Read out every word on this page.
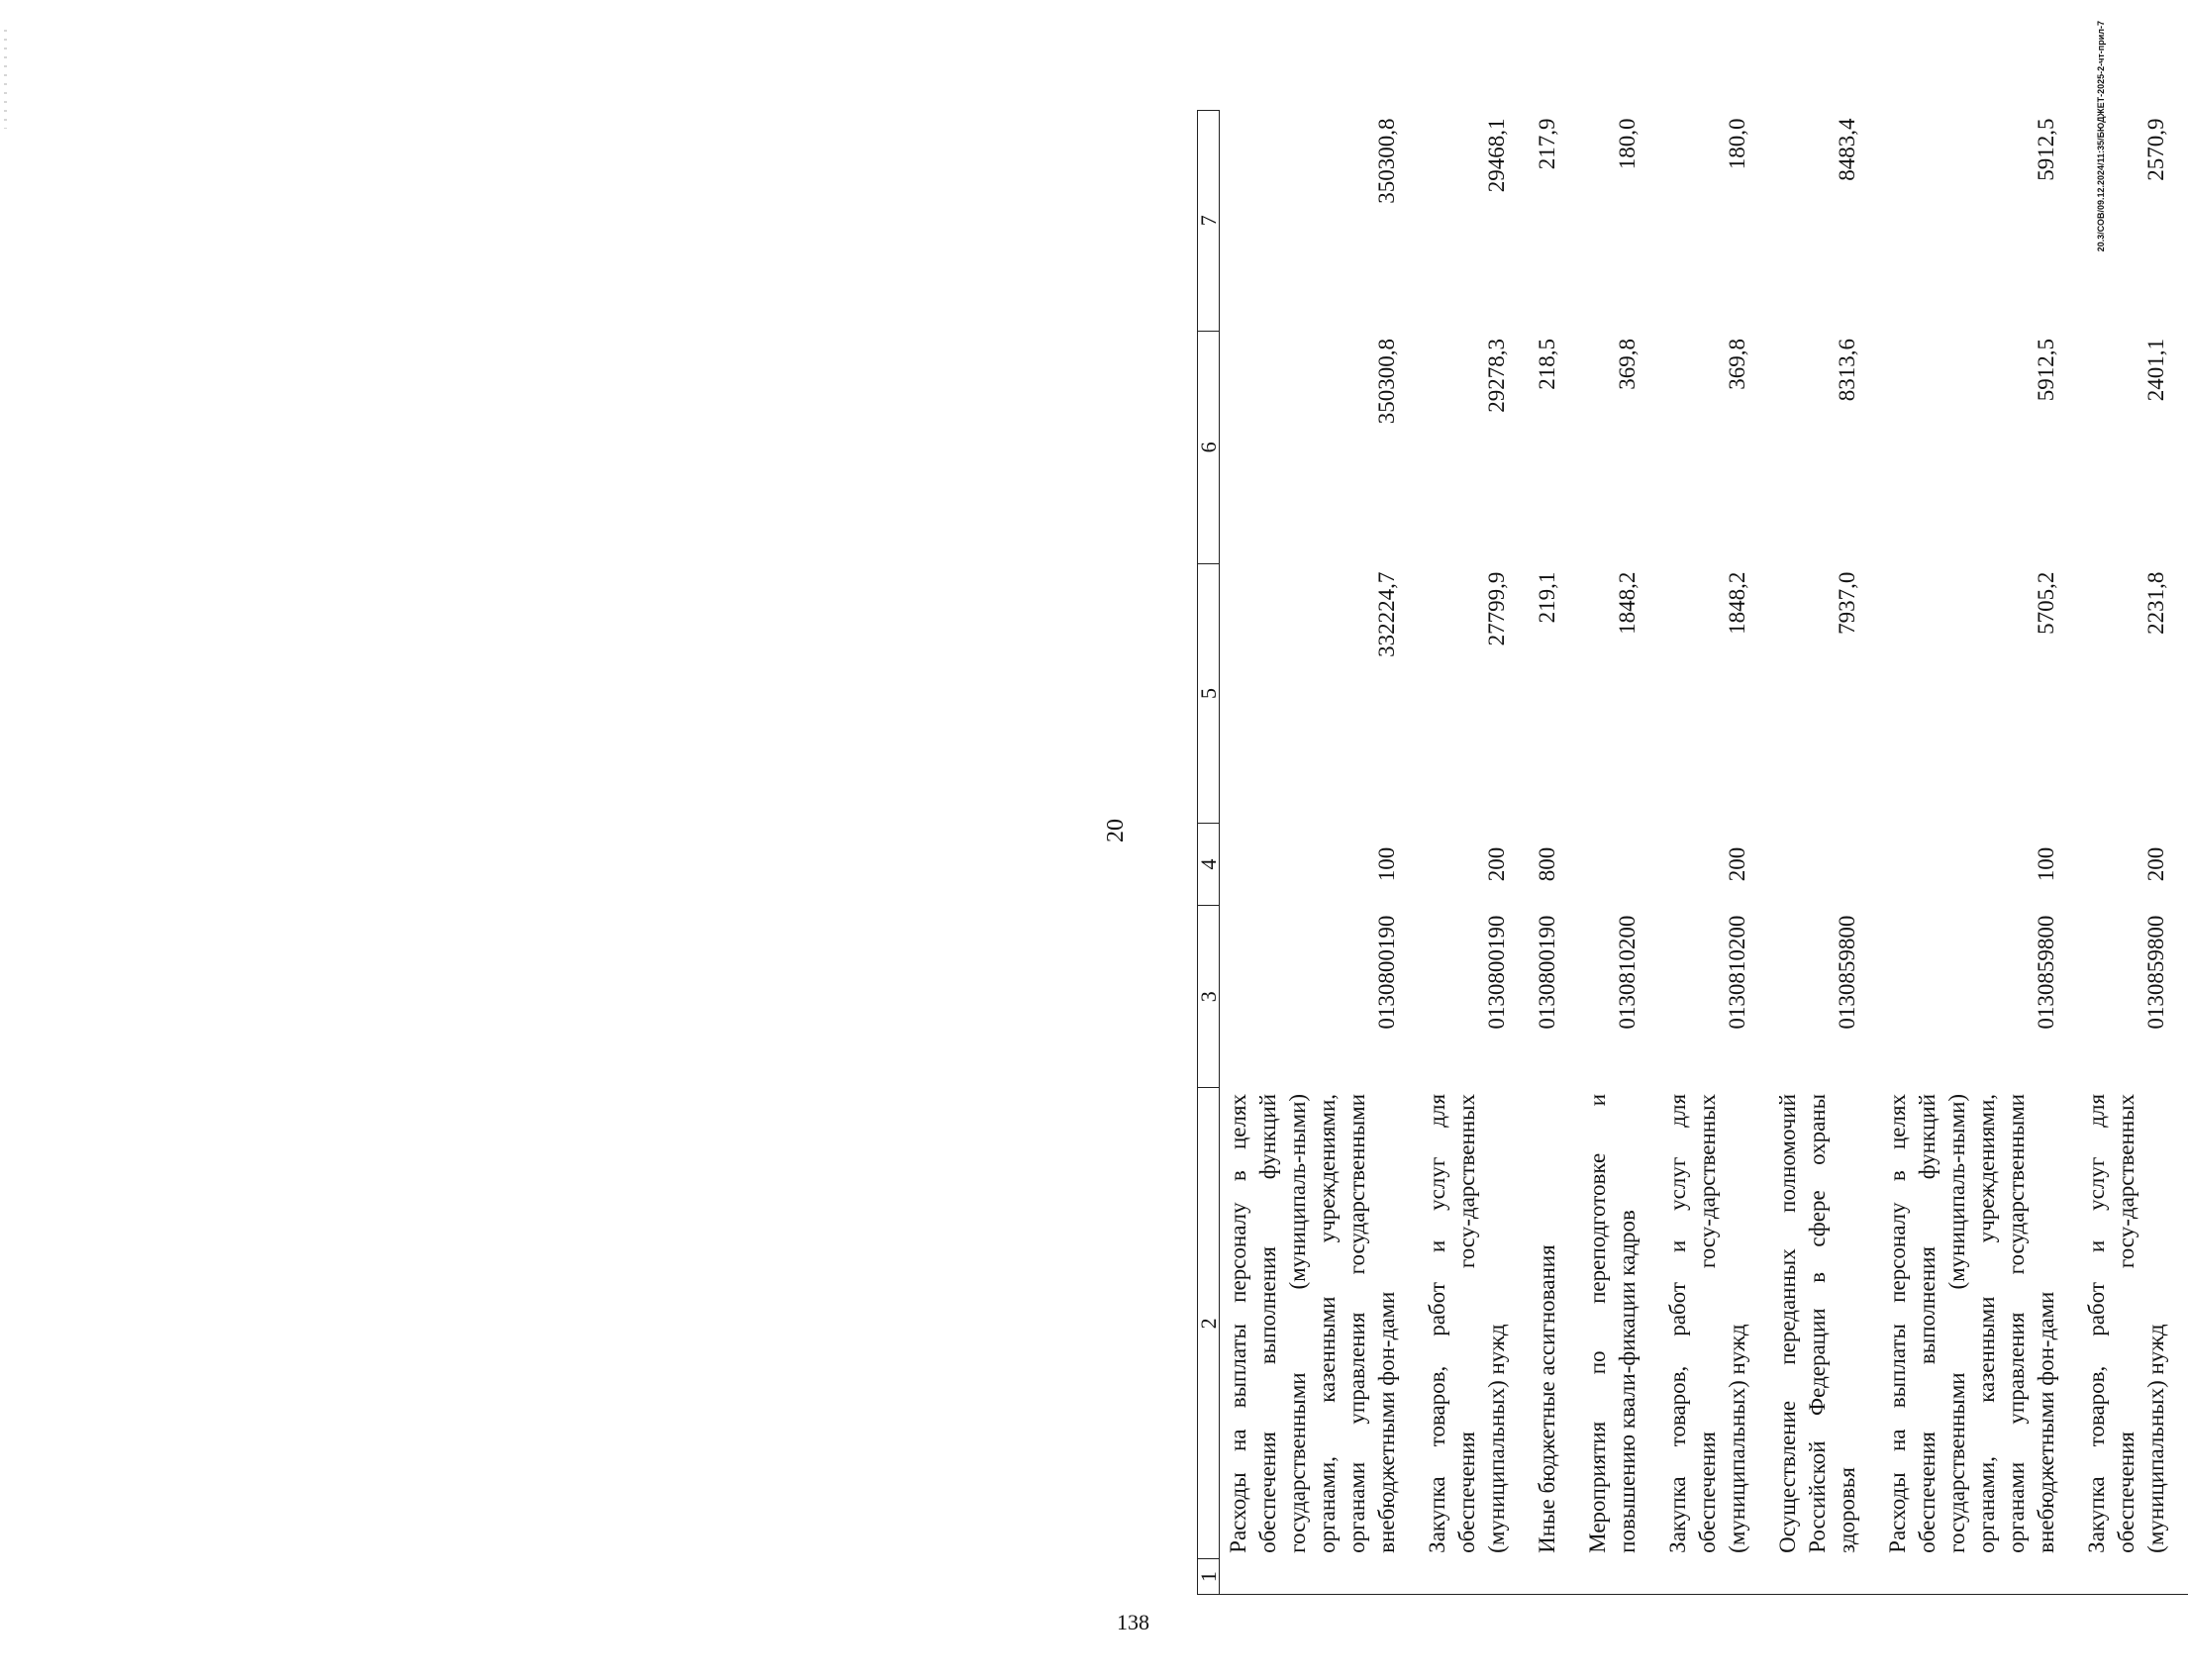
138
20
1	2	3	4	5	6	7
	Расходы на выплаты персоналу в целях обеспечения выполнения функций государственными (муниципаль-ными) органами, казенными учреждениями, органами управления государственными внебюджетными фон-дами	0130800190	100	332224,7	350300,8	350300,8
	Закупка товаров, работ и услуг для обеспечения госу-дарственных (муниципальных) нужд	0130800190	200	27799,9	29278,3	29468,1
	Иные бюджетные ассигнования	0130800190	800	219,1	218,5	217,9
	Мероприятия по переподготовке и повышению квали-фикации кадров	0130810200		1848,2	369,8	180,0
	Закупка товаров, работ и услуг для обеспечения госу-дарственных (муниципальных) нужд	0130810200	200	1848,2	369,8	180,0
	Осуществление переданных полномочий Российской Федерации в сфере охраны здоровья	0130859800		7937,0	8313,6	8483,4
	Расходы на выплаты персоналу в целях обеспечения выполнения функций государственными (муниципаль-ными) органами, казенными учреждениями, органами управления государственными внебюджетными фон-дами	0130859800	100	5705,2	5912,5	5912,5
	Закупка товаров, работ и услуг для обеспечения госу-дарственных (муниципальных) нужд	0130859800	200	2231,8	2401,1	2570,9
20.3/СОВ/09.12.2024/11:35/БЮДЖЕТ-2025-2-чт-прил-7
